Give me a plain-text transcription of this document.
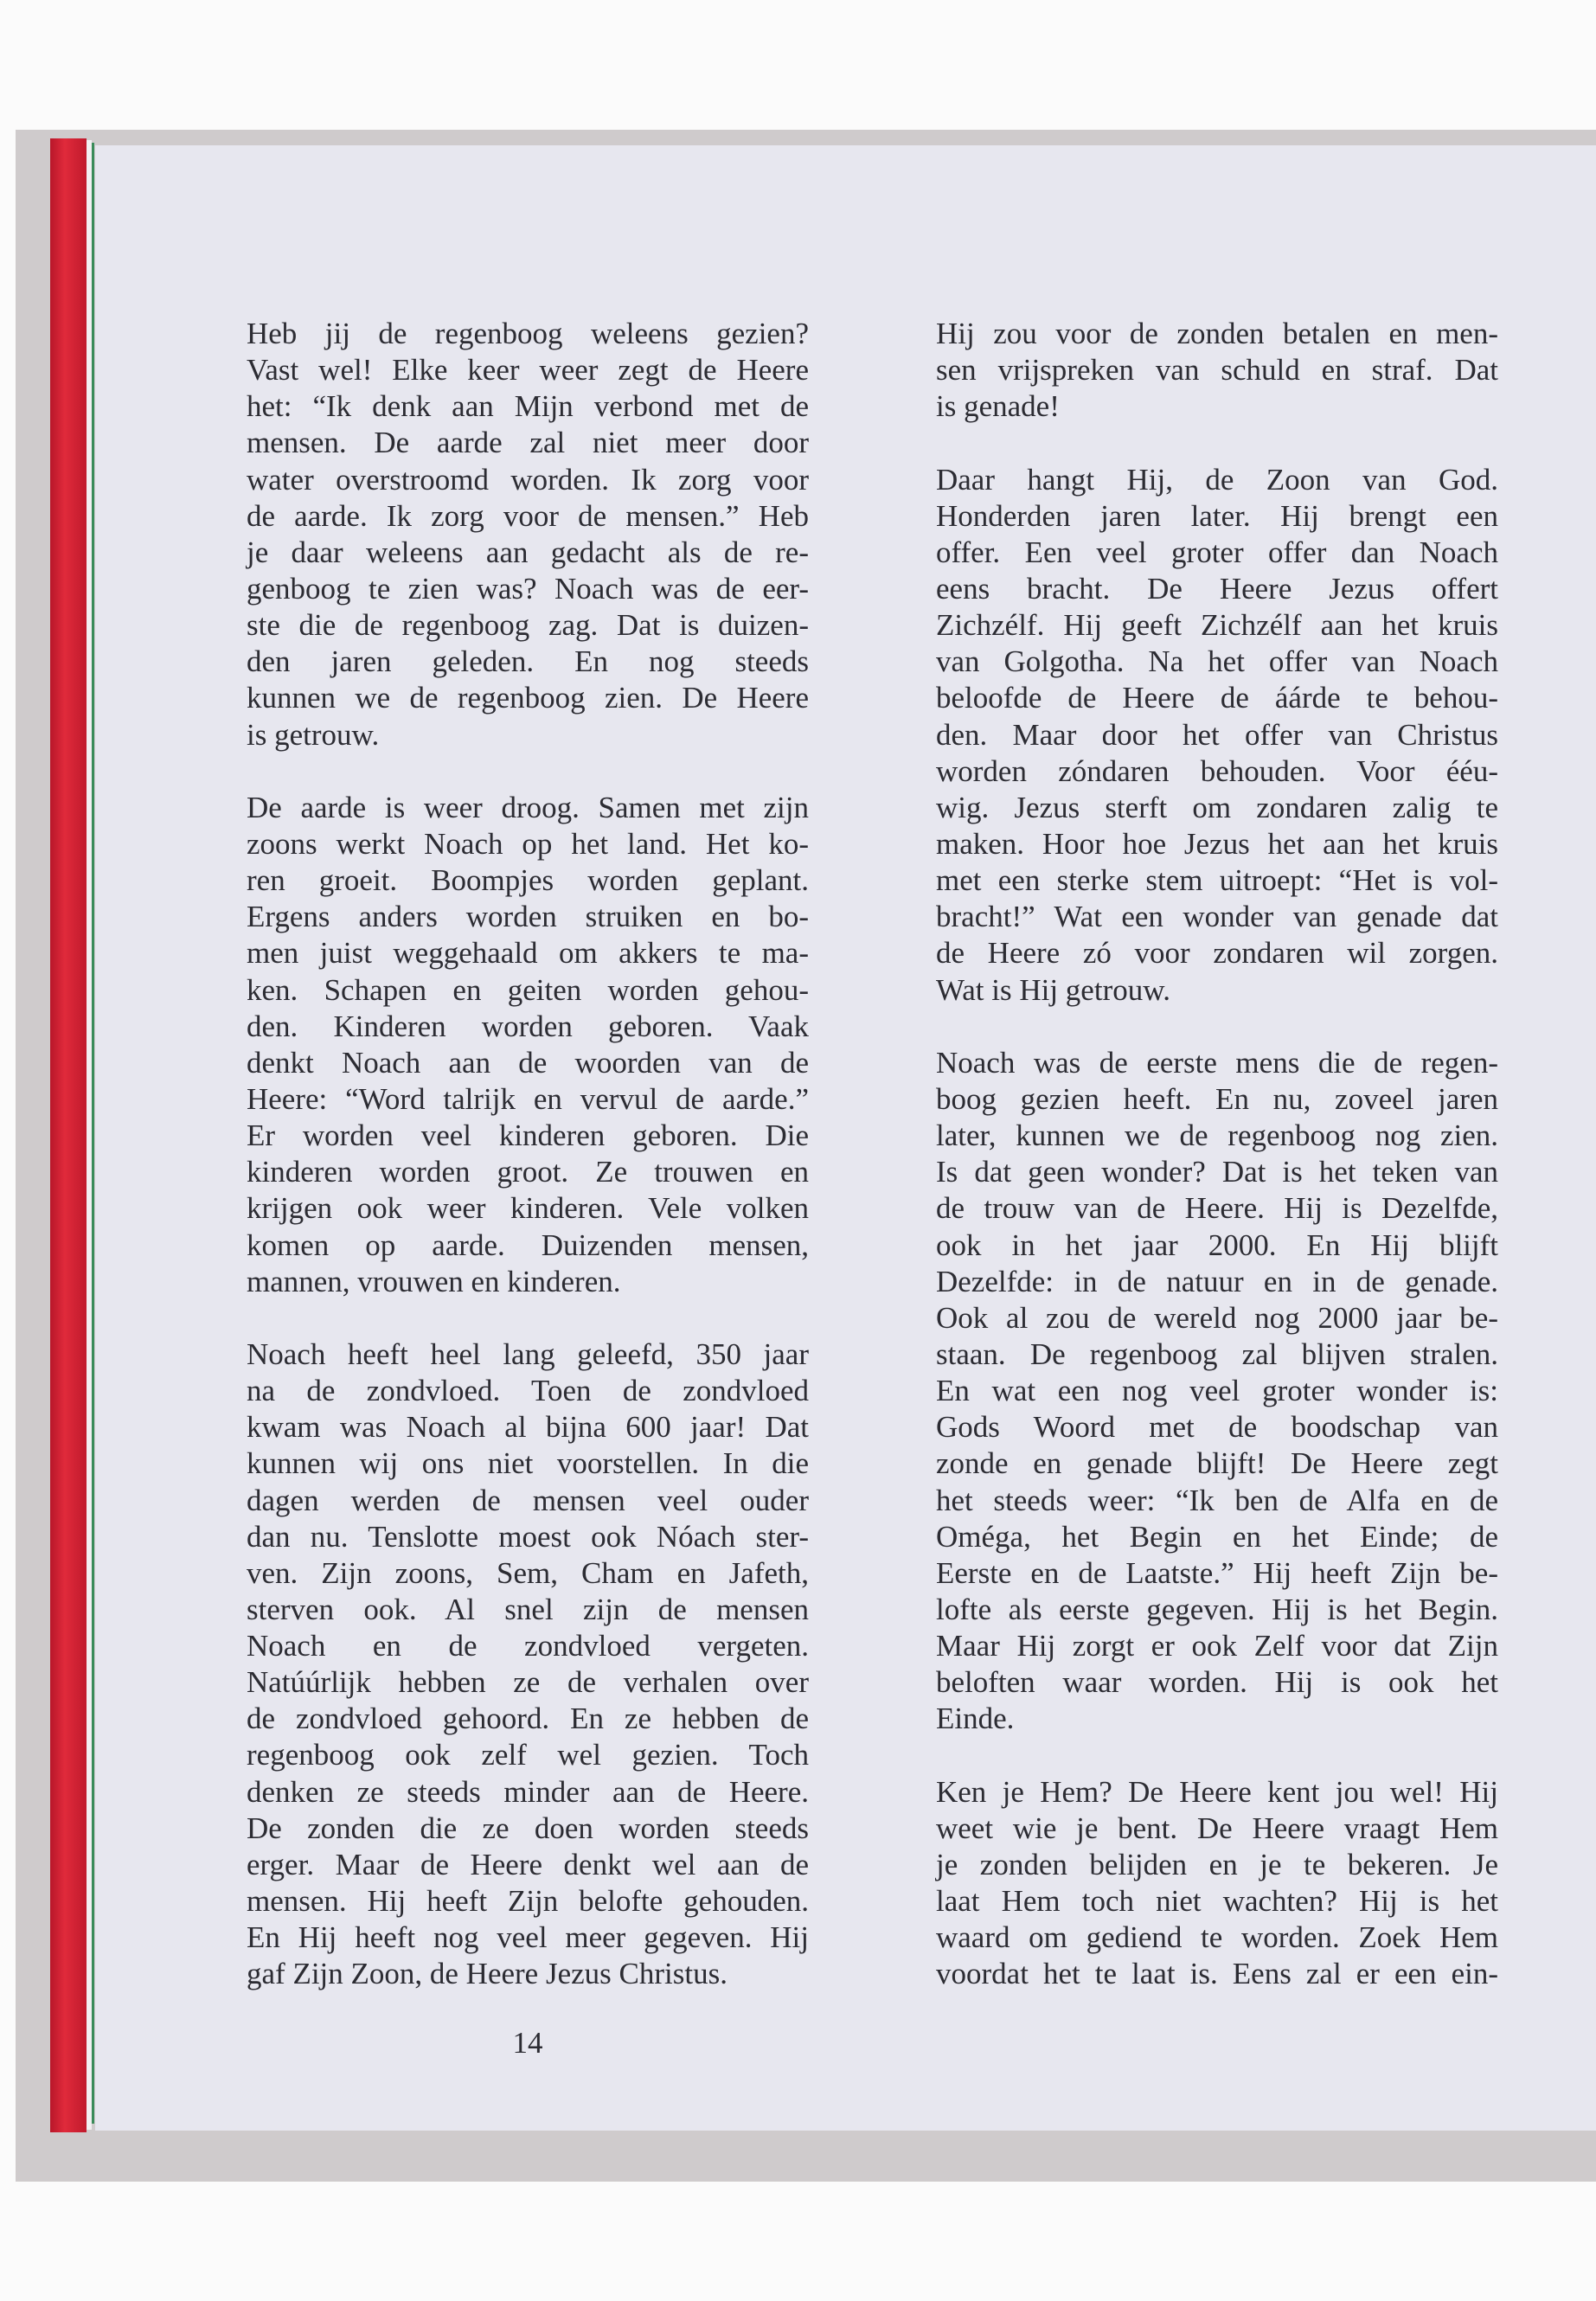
Heb jij de regenboog weleens gezien?
Vast wel! Elke keer weer zegt de Heere
het: “Ik denk aan Mijn verbond met de
mensen. De aarde zal niet meer door
water overstroomd worden. Ik zorg voor
de aarde. Ik zorg voor de mensen.” Heb
je daar weleens aan gedacht als de re-
genboog te zien was? Noach was de eer-
ste die de regenboog zag. Dat is duizen-
den jaren geleden. En nog steeds
kunnen we de regenboog zien. De Heere
is getrouw.
De aarde is weer droog. Samen met zijn
zoons werkt Noach op het land. Het ko-
ren groeit. Boompjes worden geplant.
Ergens anders worden struiken en bo-
men juist weggehaald om akkers te ma-
ken. Schapen en geiten worden gehou-
den. Kinderen worden geboren. Vaak
denkt Noach aan de woorden van de
Heere: “Word talrijk en vervul de aarde.”
Er worden veel kinderen geboren. Die
kinderen worden groot. Ze trouwen en
krijgen ook weer kinderen. Vele volken
komen op aarde. Duizenden mensen,
mannen, vrouwen en kinderen.
Noach heeft heel lang geleefd, 350 jaar
na de zondvloed. Toen de zondvloed
kwam was Noach al bijna 600 jaar! Dat
kunnen wij ons niet voorstellen. In die
dagen werden de mensen veel ouder
dan nu. Tenslotte moest ook Nóach ster-
ven. Zijn zoons, Sem, Cham en Jafeth,
sterven ook. Al snel zijn de mensen
Noach en de zondvloed vergeten.
Natúúrlijk hebben ze de verhalen over
de zondvloed gehoord. En ze hebben de
regenboog ook zelf wel gezien. Toch
denken ze steeds minder aan de Heere.
De zonden die ze doen worden steeds
erger. Maar de Heere denkt wel aan de
mensen. Hij heeft Zijn belofte gehouden.
En Hij heeft nog veel meer gegeven. Hij
gaf Zijn Zoon, de Heere Jezus Christus.
Hij zou voor de zonden betalen en men-
sen vrijspreken van schuld en straf. Dat
is genade!
Daar hangt Hij, de Zoon van God.
Honderden jaren later. Hij brengt een
offer. Een veel groter offer dan Noach
eens bracht. De Heere Jezus offert
Zichzélf. Hij geeft Zichzélf aan het kruis
van Golgotha. Na het offer van Noach
beloofde de Heere de áárde te behou-
den. Maar door het offer van Christus
worden zóndaren behouden. Voor ééu-
wig. Jezus sterft om zondaren zalig te
maken. Hoor hoe Jezus het aan het kruis
met een sterke stem uitroept: “Het is vol-
bracht!” Wat een wonder van genade dat
de Heere zó voor zondaren wil zorgen.
Wat is Hij getrouw.
Noach was de eerste mens die de regen-
boog gezien heeft. En nu, zoveel jaren
later, kunnen we de regenboog nog zien.
Is dat geen wonder? Dat is het teken van
de trouw van de Heere. Hij is Dezelfde,
ook in het jaar 2000. En Hij blijft
Dezelfde: in de natuur en in de genade.
Ook al zou de wereld nog 2000 jaar be-
staan. De regenboog zal blijven stralen.
En wat een nog veel groter wonder is:
Gods Woord met de boodschap van
zonde en genade blijft! De Heere zegt
het steeds weer: “Ik ben de Alfa en de
Oméga, het Begin en het Einde; de
Eerste en de Laatste.” Hij heeft Zijn be-
lofte als eerste gegeven. Hij is het Begin.
Maar Hij zorgt er ook Zelf voor dat Zijn
beloften waar worden. Hij is ook het
Einde.
Ken je Hem? De Heere kent jou wel! Hij
weet wie je bent. De Heere vraagt Hem
je zonden belijden en je te bekeren. Je
laat Hem toch niet wachten? Hij is het
waard om gediend te worden. Zoek Hem
voordat het te laat is. Eens zal er een ein-
14
